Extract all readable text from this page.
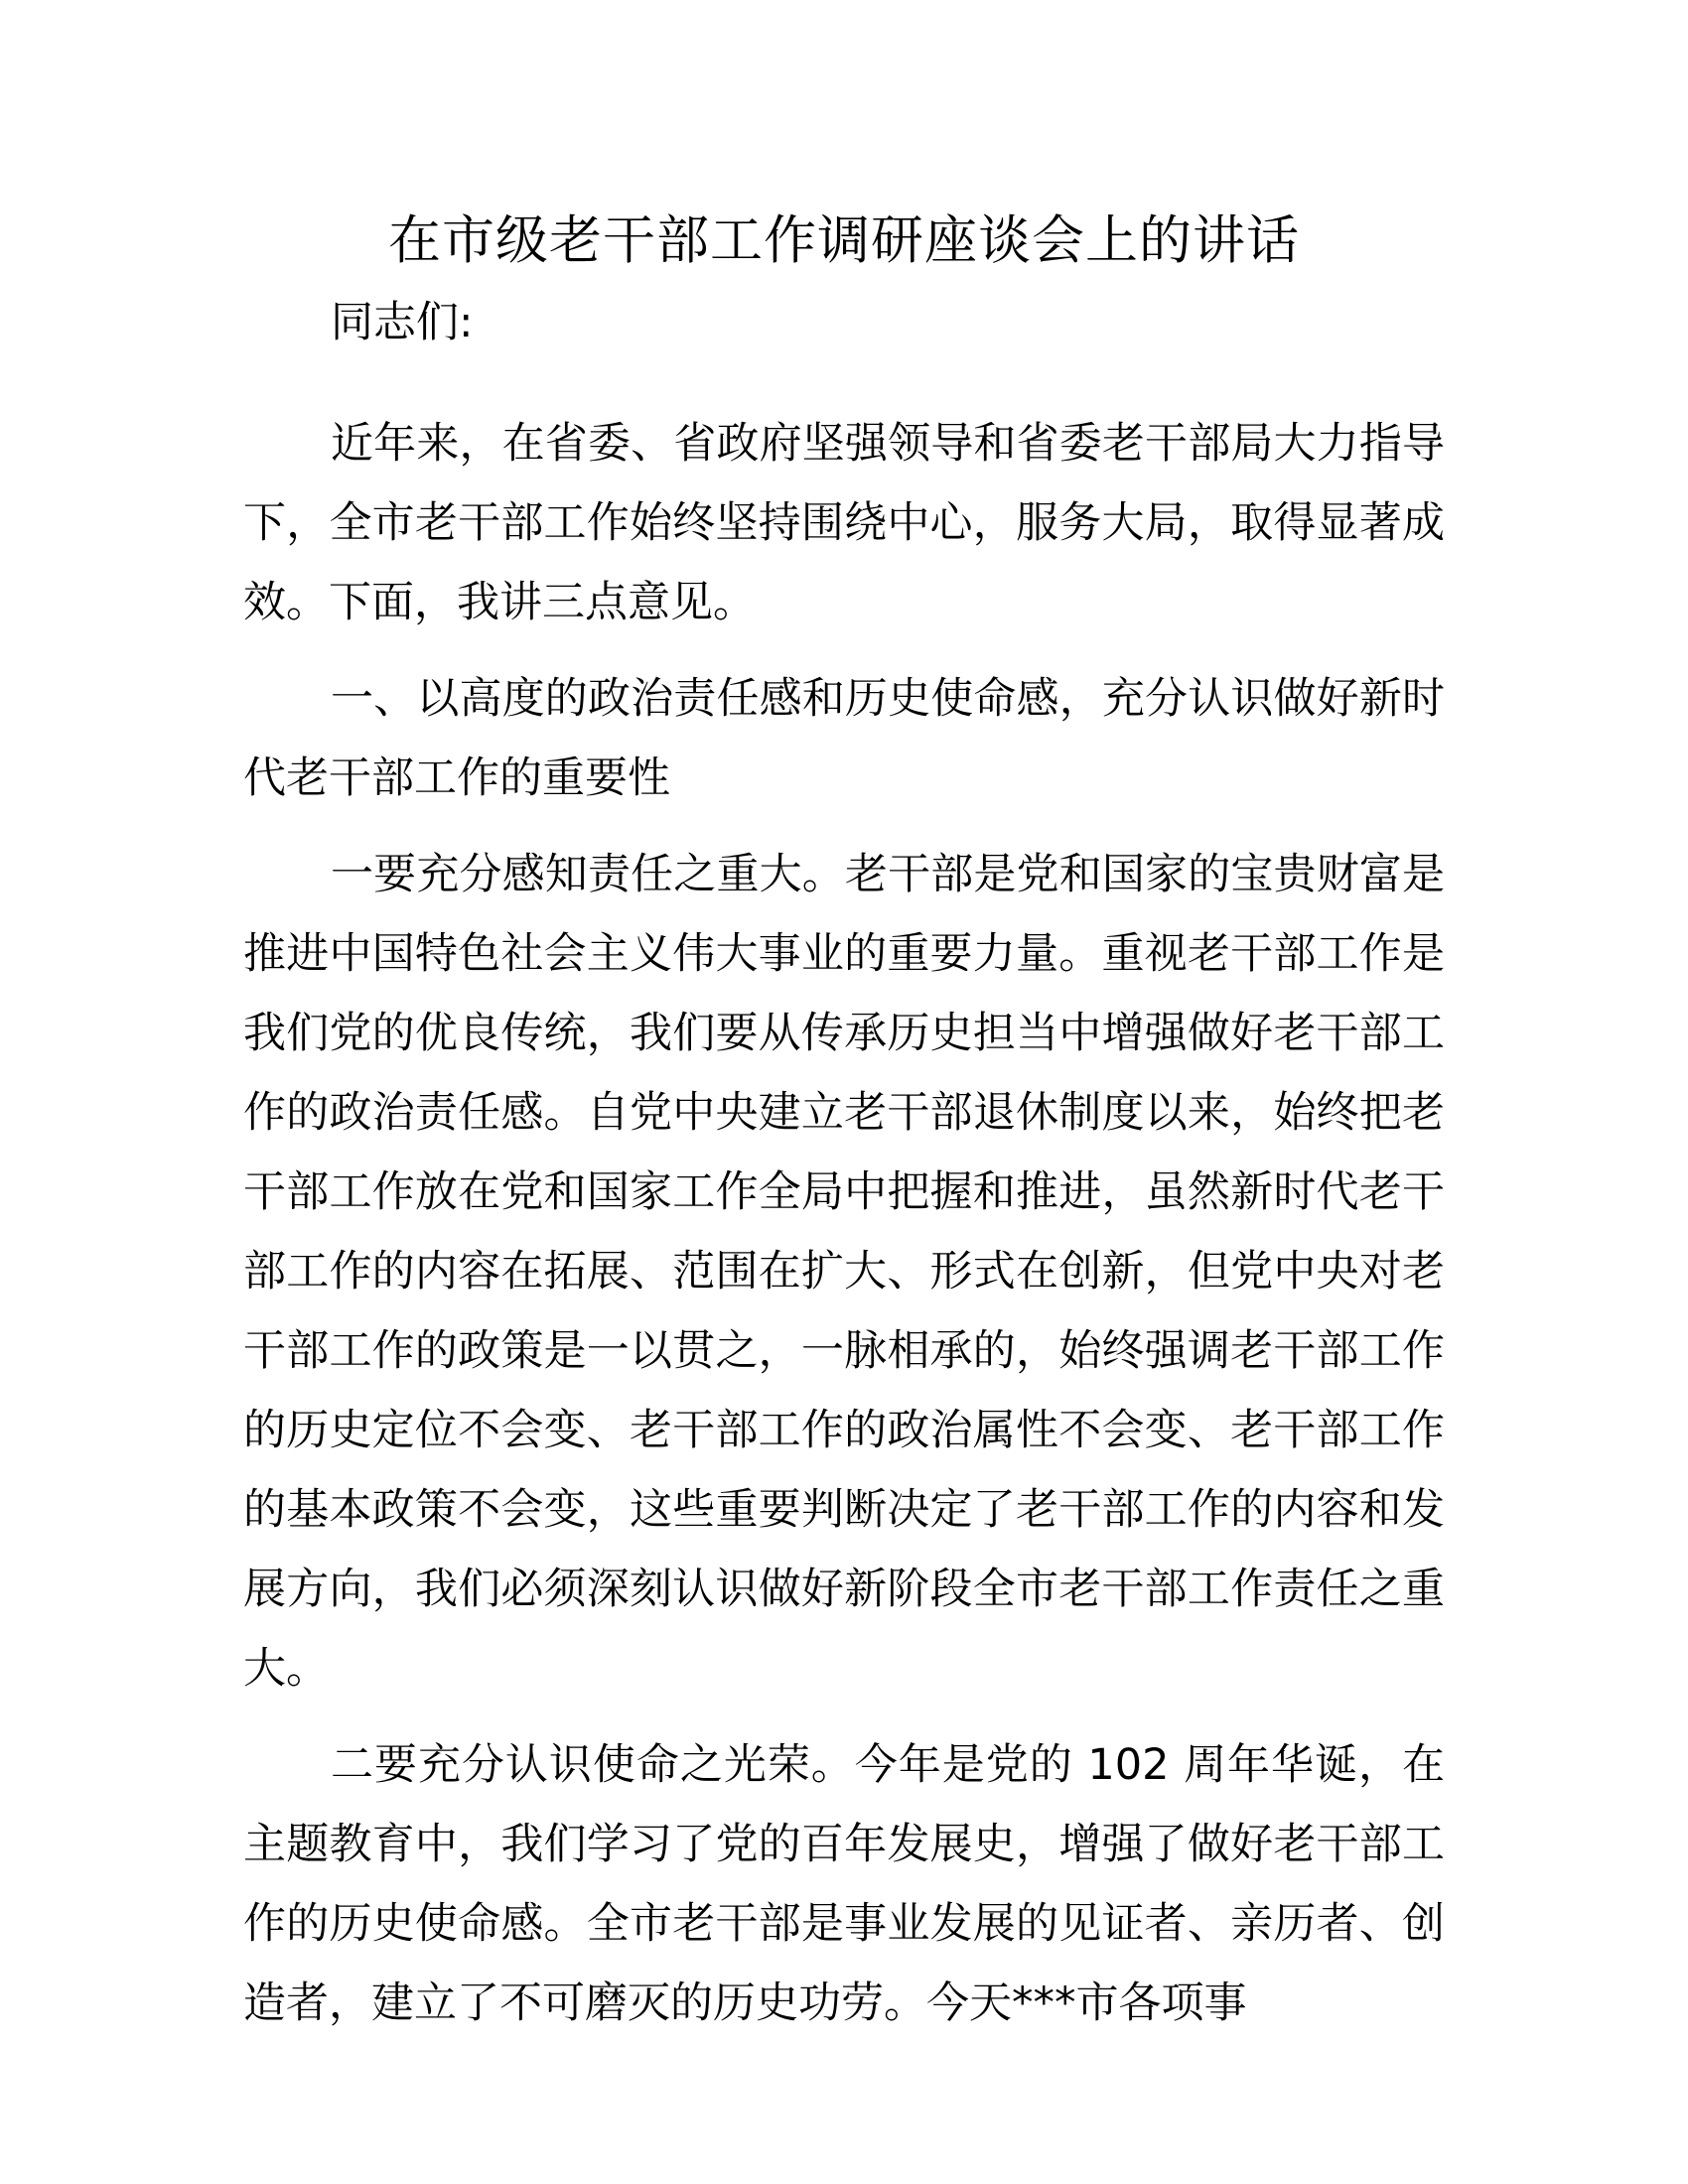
在市级老干部工作调研座谈会上的讲话

同志们:

近年来，在省委、省政府坚强领导和省委老干部局大力指导下，全市老干部工作始终坚持围绕中心，服务大局，取得显著成效。下面，我讲三点意见。

一、以高度的政治责任感和历史使命感，充分认识做好新时代老干部工作的重要性

一要充分感知责任之重大。老干部是党和国家的宝贵财富是推进中国特色社会主义伟大事业的重要力量。重视老干部工作是我们党的优良传统，我们要从传承历史担当中增强做好老干部工作的政治责任感。自党中央建立老干部退休制度以来，始终把老干部工作放在党和国家工作全局中把握和推进，虽然新时代老干部工作的内容在拓展、范围在扩大、形式在创新，但党中央对老干部工作的政策是一以贯之，一脉相承的，始终强调老干部工作的历史定位不会变、老干部工作的政治属性不会变、老干部工作的基本政策不会变，这些重要判断决定了老干部工作的内容和发展方向，我们必须深刻认识做好新阶段全市老干部工作责任之重大。

二要充分认识使命之光荣。今年是党的 102 周年华诞，在主题教育中，我们学习了党的百年发展史，增强了做好老干部工作的历史使命感。全市老干部是事业发展的见证者、亲历者、创造者，建立了不可磨灭的历史功劳。今天***市各项事
